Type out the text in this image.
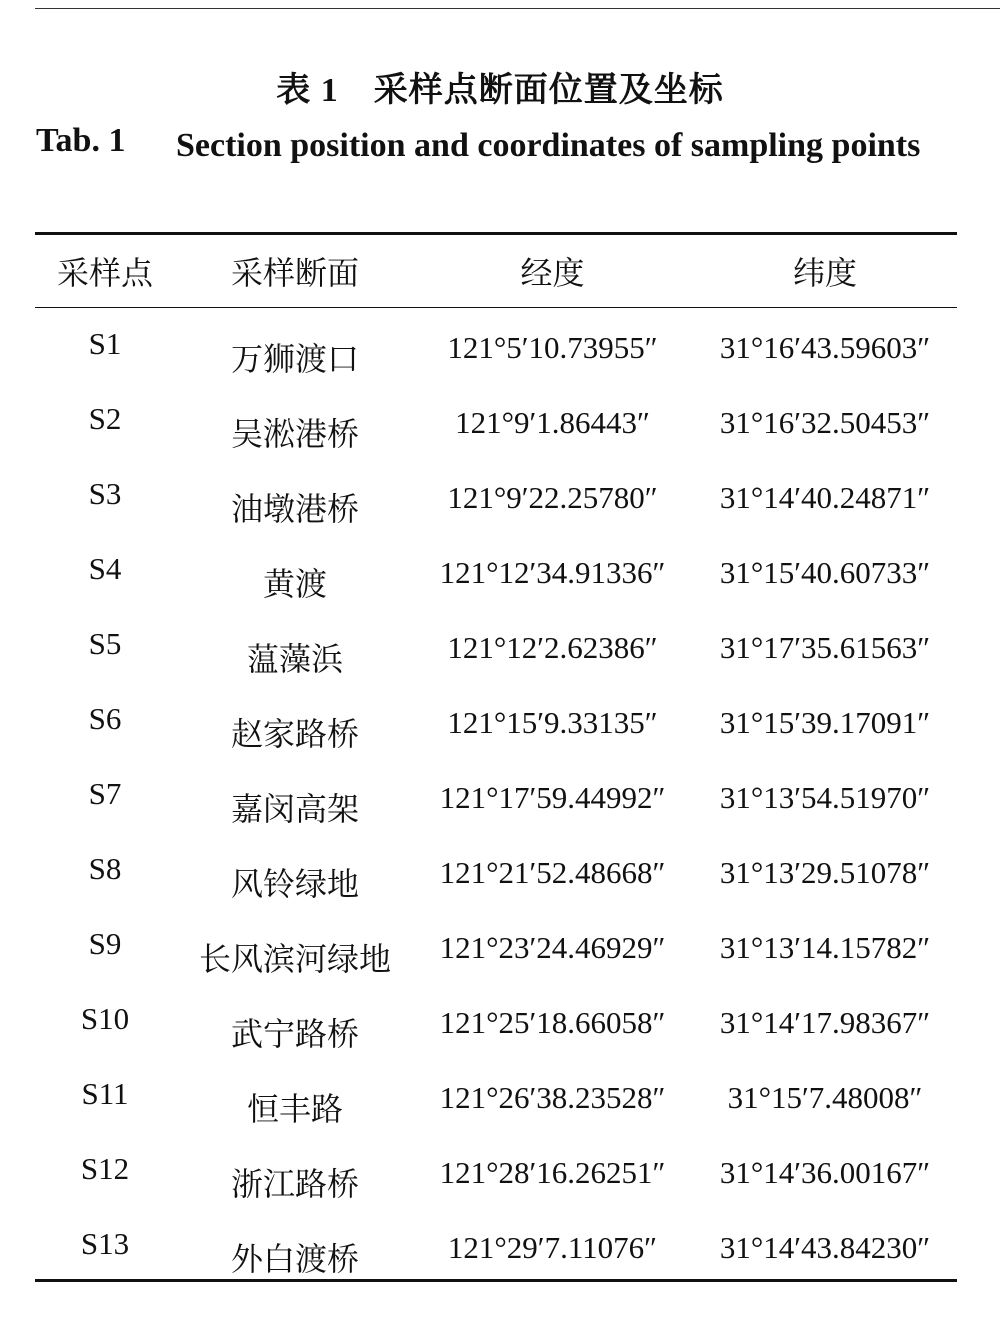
表 1　采样点断面位置及坐标
Tab. 1 Section position and coordinates of sampling points
采样点	采样断面	经度	纬度
S1	万狮渡口	121°5′10.73955″	31°16′43.59603″
S2	吴淞港桥	121°9′1.86443″	31°16′32.50453″
S3	油墩港桥	121°9′22.25780″	31°14′40.24871″
S4	黄渡	121°12′34.91336″	31°15′40.60733″
S5	蕰藻浜	121°12′2.62386″	31°17′35.61563″
S6	赵家路桥	121°15′9.33135″	31°15′39.17091″
S7	嘉闵高架	121°17′59.44992″	31°13′54.51970″
S8	风铃绿地	121°21′52.48668″	31°13′29.51078″
S9	长风滨河绿地	121°23′24.46929″	31°13′14.15782″
S10	武宁路桥	121°25′18.66058″	31°14′17.98367″
S11	恒丰路	121°26′38.23528″	31°15′7.48008″
S12	浙江路桥	121°28′16.26251″	31°14′36.00167″
S13	外白渡桥	121°29′7.11076″	31°14′43.84230″
